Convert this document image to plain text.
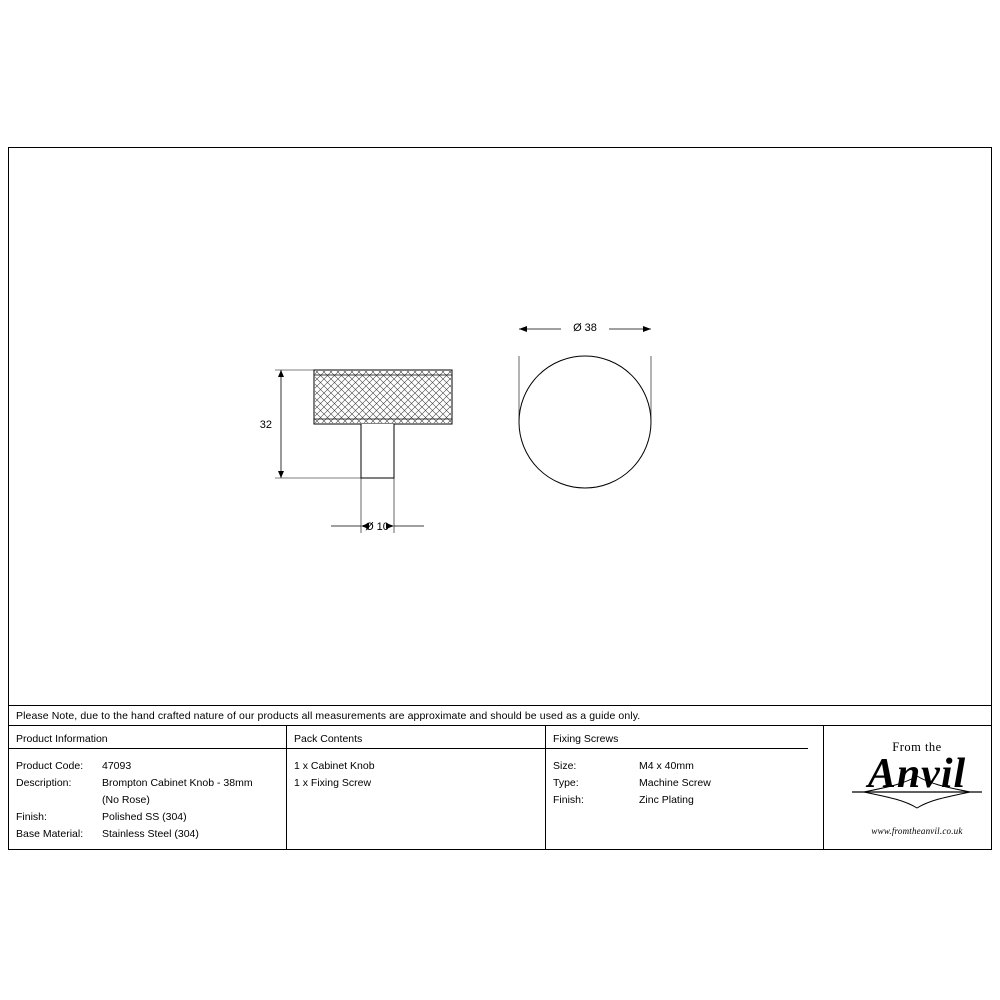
32
Ø 10
Ø 38
Please Note, due to the hand crafted nature of our products all measurements are approximate and should be used as a guide only.
Product Information
Product Code:	47093
Description:	Brompton Cabinet Knob - 38mm
(No Rose)
Finish:	Polished SS (304)
Base Material:	Stainless Steel (304)
Pack Contents
1 x Cabinet Knob
1 x Fixing Screw
Fixing Screws
Size:	M4 x 40mm
Type:	Machine Screw
Finish:	Zinc Plating
From the
Anvil
www.fromtheanvil.co.uk
